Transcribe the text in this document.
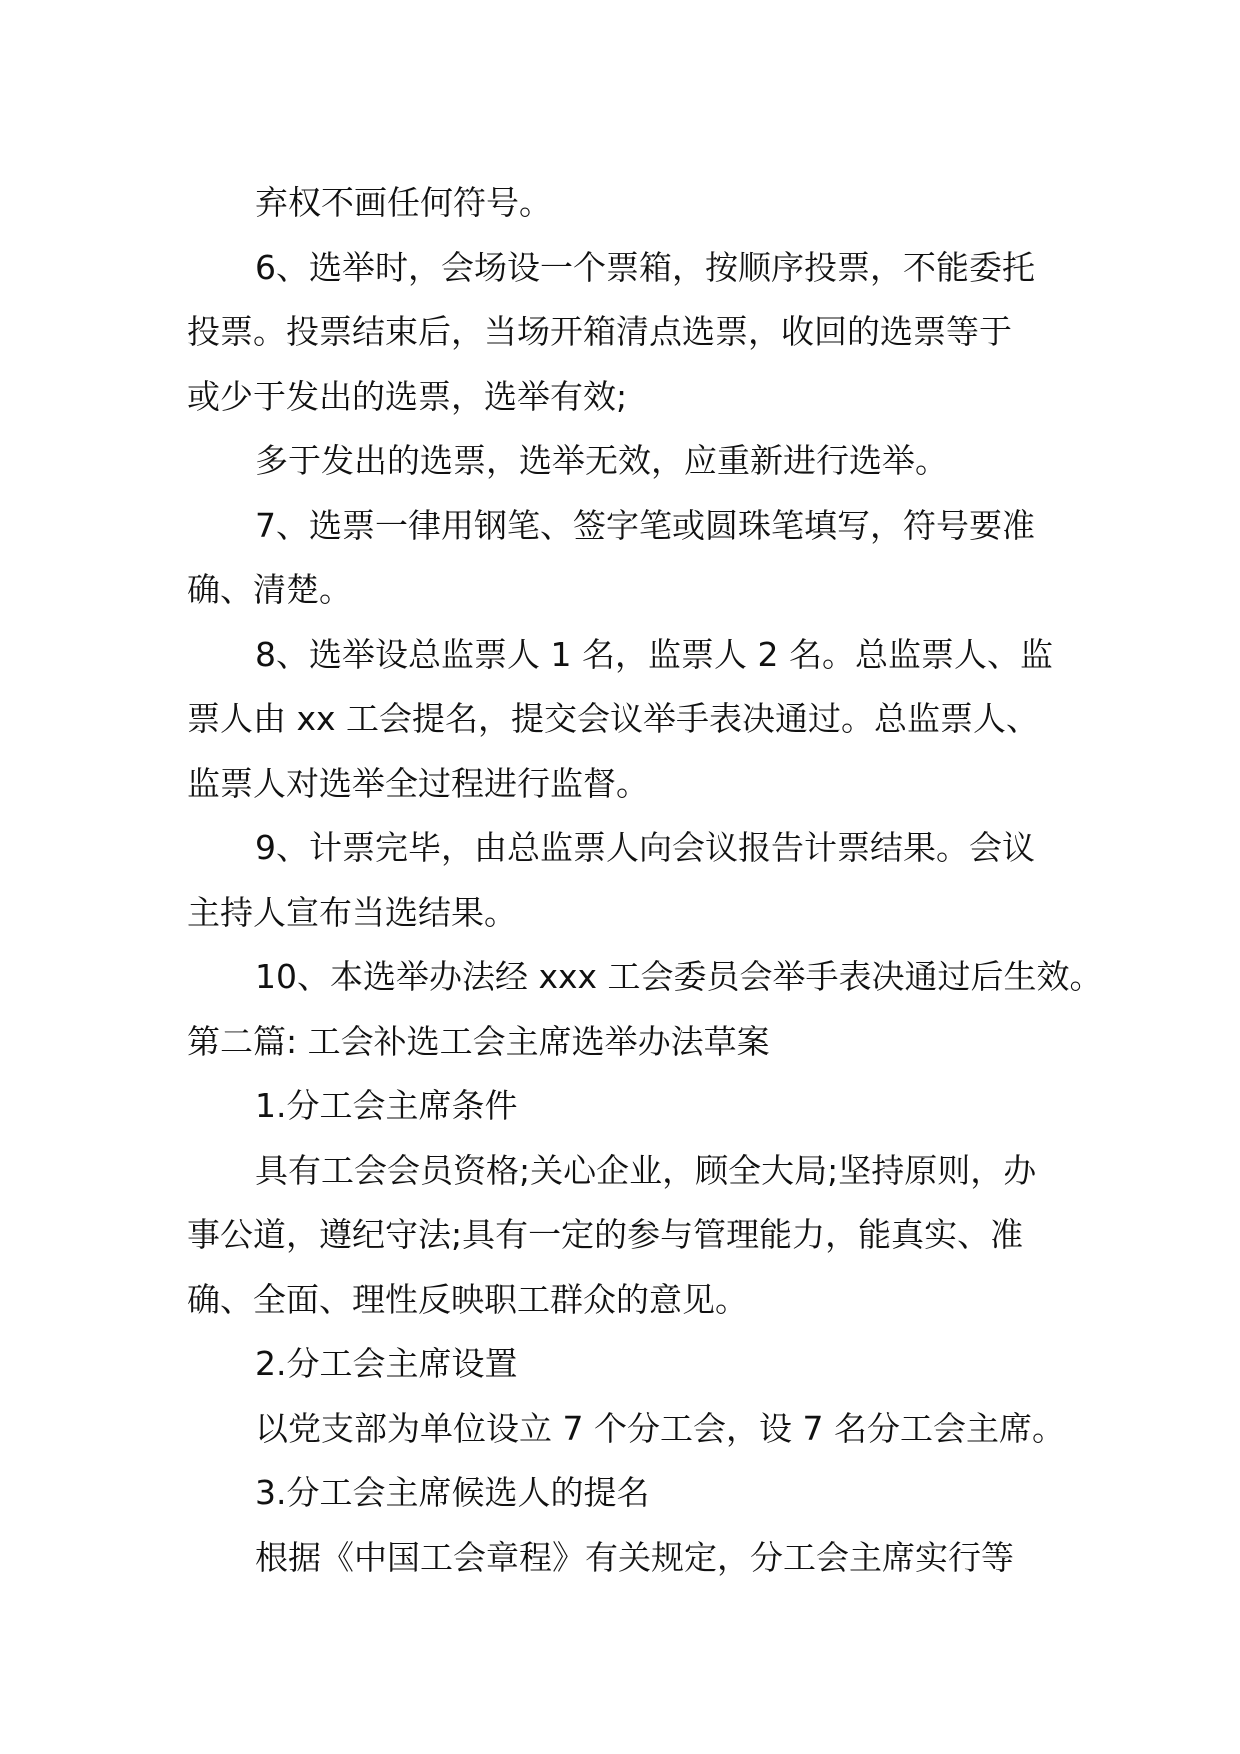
弃权不画任何符号。

6、选举时，会场设一个票箱，按顺序投票，不能委托

投票。投票结束后，当场开箱清点选票，收回的选票等于

或少于发出的选票，选举有效;

多于发出的选票，选举无效，应重新进行选举。

7、选票一律用钢笔、签字笔或圆珠笔填写，符号要准

确、清楚。

8、选举设总监票人 1 名，监票人 2 名。总监票人、监

票人由 xx 工会提名，提交会议举手表决通过。总监票人、

监票人对选举全过程进行监督。

9、计票完毕，由总监票人向会议报告计票结果。会议

主持人宣布当选结果。

10、本选举办法经 xxx 工会委员会举手表决通过后生效。

第二篇: 工会补选工会主席选举办法草案

1.分工会主席条件

具有工会会员资格;关心企业，顾全大局;坚持原则，办

事公道，遵纪守法;具有一定的参与管理能力，能真实、准

确、全面、理性反映职工群众的意见。

2.分工会主席设置

以党支部为单位设立 7 个分工会，设 7 名分工会主席。

3.分工会主席候选人的提名

根据《中国工会章程》有关规定，分工会主席实行等
